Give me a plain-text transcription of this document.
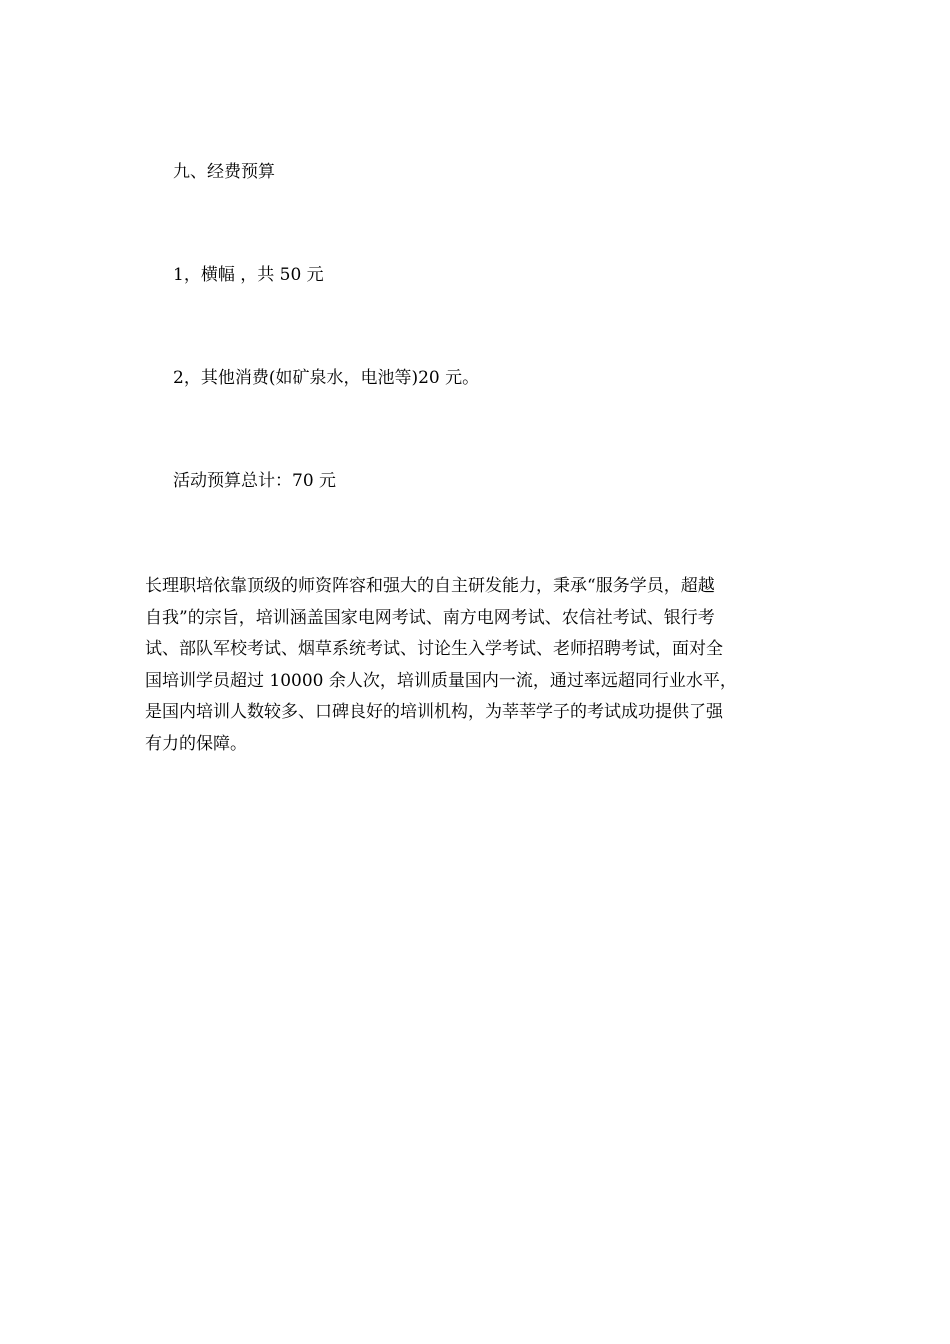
九、经费预算
1，横幅 ，共 50 元
2，其他消费(如矿泉水，电池等)20 元。
活动预算总计：70 元
长理职培依靠顶级的师资阵容和强大的自主研发能力，秉承“服务学员，超越
自我”的宗旨，培训涵盖国家电网考试、南方电网考试、农信社考试、银行考
试、部队军校考试、烟草系统考试、讨论生入学考试、老师招聘考试，面对全
国培训学员超过 10000 余人次，培训质量国内一流，通过率远超同行业水平，
是国内培训人数较多、口碑良好的培训机构，为莘莘学子的考试成功提供了强
有力的保障。
